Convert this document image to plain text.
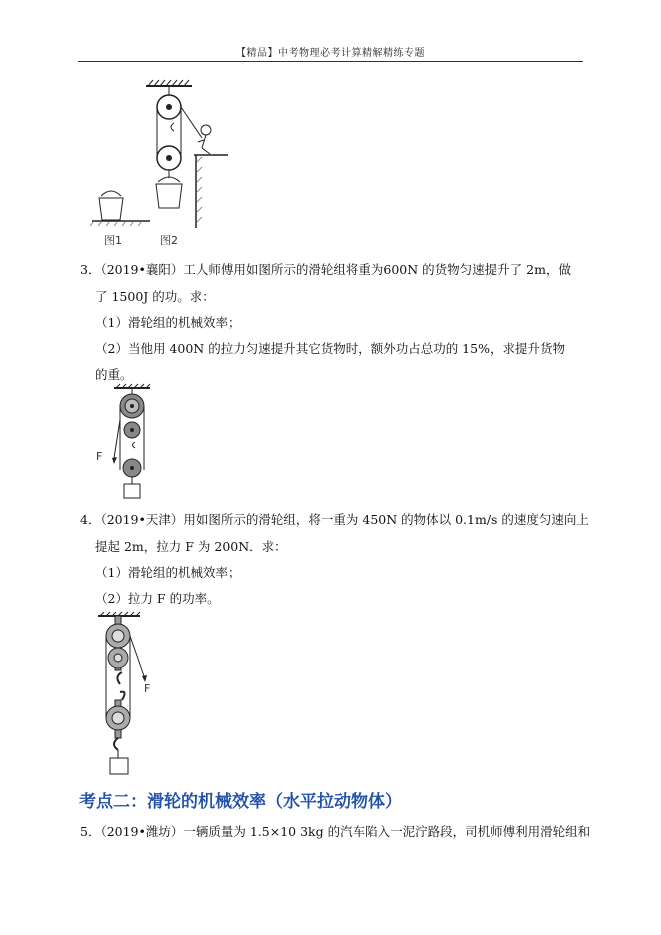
【精品】中考物理必考计算精解精练专题
图1	图2
3．（2019•襄阳）工人师傅用如图所示的滑轮组将重为600N 的货物匀速提升了 2m，做
了 1500J 的功。求：
（1）滑轮组的机械效率；
（2）当他用 400N 的拉力匀速提升其它货物时，额外功占总功的 15%，求提升货物
的重。
F
4．（2019•天津）用如图所示的滑轮组，将一重为 450N 的物体以 0.1m/s 的速度匀速向上
提起 2m，拉力 F 为 200N．求：
（1）滑轮组的机械效率；
（2）拉力 F 的功率。
F
考点二：滑轮的机械效率（水平拉动物体）
5．（2019•潍坊）一辆质量为 1.5×10 3kg 的汽车陷入一泥泞路段，司机师傅利用滑轮组和
